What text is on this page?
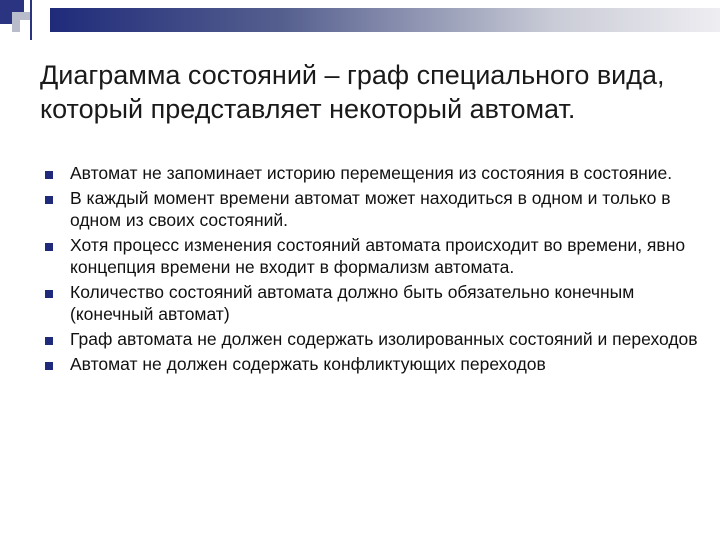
Диаграмма состояний – граф специального вида, который представляет некоторый автомат.
Автомат не запоминает историю перемещения из состояния в состояние.
В каждый момент времени автомат может находиться в одном и только в одном из своих состояний.
Хотя процесс изменения состояний автомата происходит во времени, явно концепция времени не входит в формализм автомата.
Количество состояний автомата должно быть обязательно конечным (конечный автомат)
Граф автомата не должен содержать изолированных состояний и переходов
Автомат не должен содержать конфликтующих переходов
